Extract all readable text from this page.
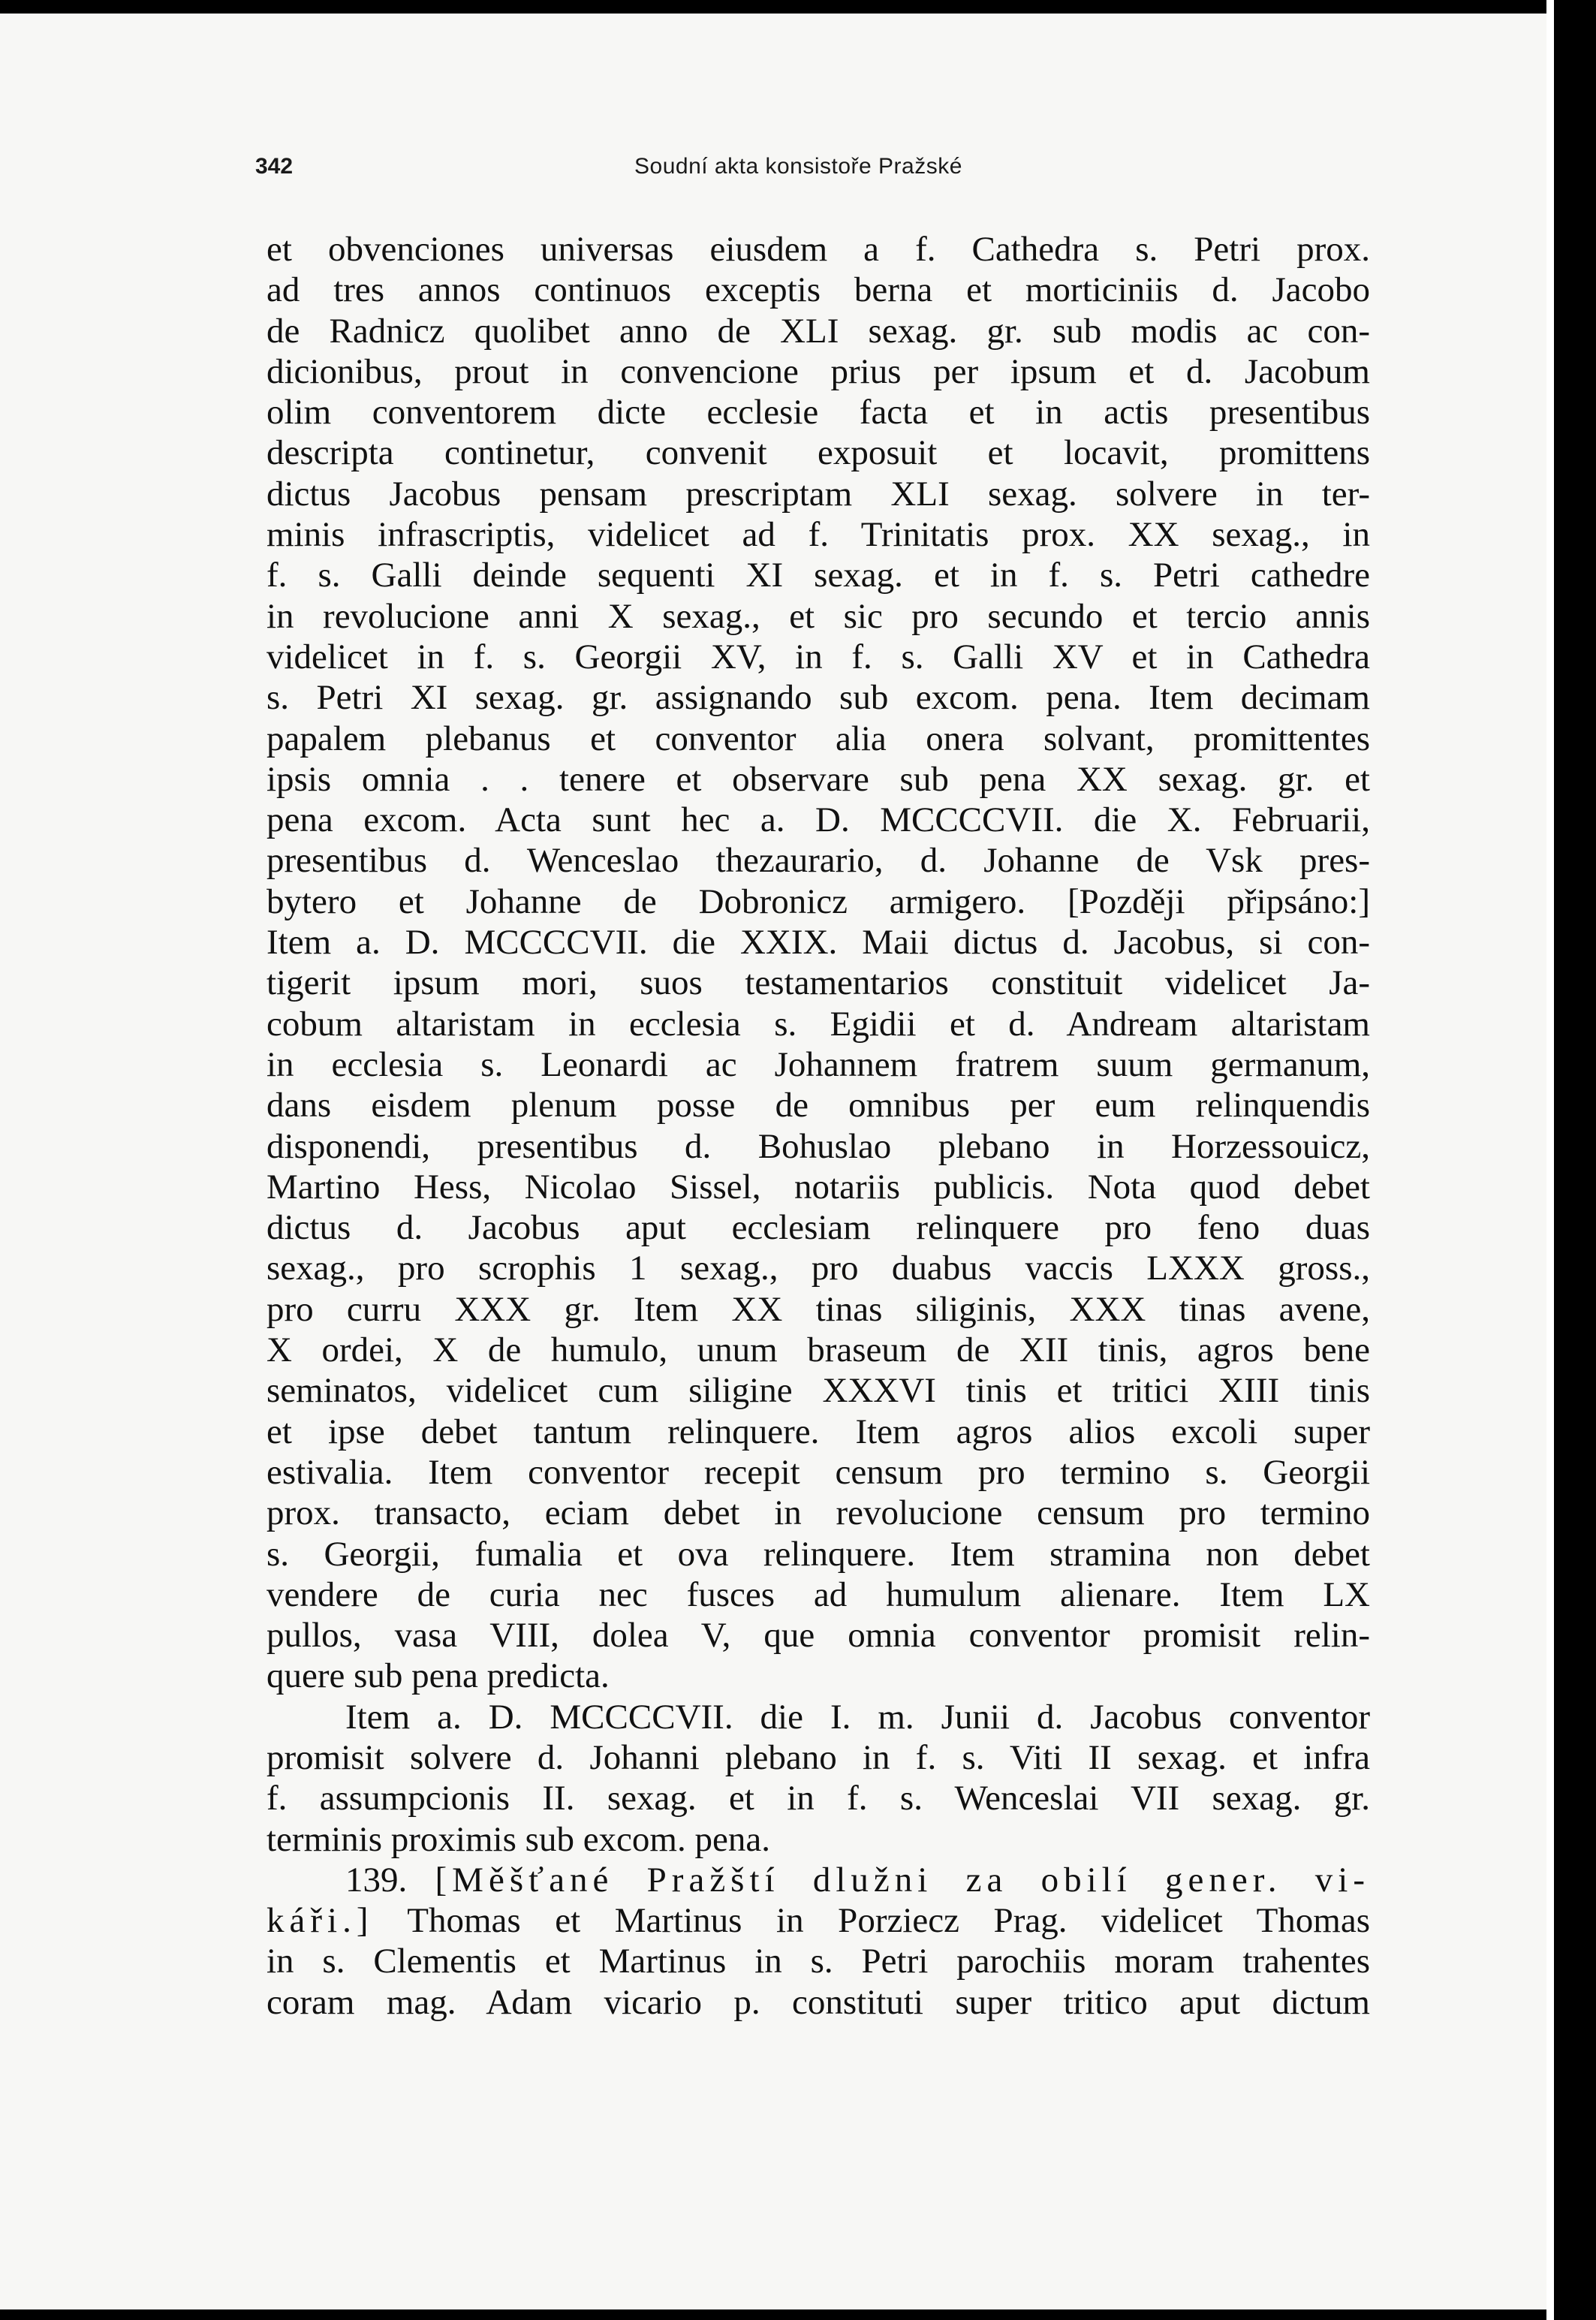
342	Soudní akta konsistoře Pražské
et obvenciones universas eiusdem a f. Cathedra s. Petri prox.
ad tres annos continuos exceptis berna et morticiniis d. Jacobo
de Radnicz quolibet anno de XLI sexag. gr. sub modis ac con-
dicionibus, prout in convencione prius per ipsum et d. Jacobum
olim conventorem dicte ecclesie facta et in actis presentibus
descripta continetur, convenit exposuit et locavit, promittens
dictus Jacobus pensam prescriptam XLI sexag. solvere in ter-
minis infrascriptis, videlicet ad f. Trinitatis prox. XX sexag., in
f. s. Galli deinde sequenti XI sexag. et in f. s. Petri cathedre
in revolucione anni X sexag., et sic pro secundo et tercio annis
videlicet in f. s. Georgii XV, in f. s. Galli XV et in Cathedra
s. Petri XI sexag. gr. assignando sub excom. pena. Item decimam
papalem plebanus et conventor alia onera solvant, promittentes
ipsis omnia . . tenere et observare sub pena XX sexag. gr. et
pena excom. Acta sunt hec a. D. MCCCCVII. die X. Februarii,
presentibus d. Wenceslao thezaurario, d. Johanne de Vsk pres-
bytero et Johanne de Dobronicz armigero. [Později připsáno:]
Item a. D. MCCCCVII. die XXIX. Maii dictus d. Jacobus, si con-
tigerit ipsum mori, suos testamentarios constituit videlicet Ja-
cobum altaristam in ecclesia s. Egidii et d. Andream altaristam
in ecclesia s. Leonardi ac Johannem fratrem suum germanum,
dans eisdem plenum posse de omnibus per eum relinquendis
disponendi, presentibus d. Bohuslao plebano in Horzessouicz,
Martino Hess, Nicolao Sissel, notariis publicis. Nota quod debet
dictus d. Jacobus aput ecclesiam relinquere pro feno duas
sexag., pro scrophis 1 sexag., pro duabus vaccis LXXX gross.,
pro curru XXX gr. Item XX tinas siliginis, XXX tinas avene,
X ordei, X de humulo, unum braseum de XII tinis, agros bene
seminatos, videlicet cum siligine XXXVI tinis et tritici XIII tinis
et ipse debet tantum relinquere. Item agros alios excoli super
estivalia. Item conventor recepit censum pro termino s. Georgii
prox. transacto, eciam debet in revolucione censum pro termino
s. Georgii, fumalia et ova relinquere. Item stramina non debet
vendere de curia nec fusces ad humulum alienare. Item LX
pullos, vasa VIII, dolea V, que omnia conventor promisit relin-
quere sub pena predicta.
Item a. D. MCCCCVII. die I. m. Junii d. Jacobus conventor
promisit solvere d. Johanni plebano in f. s. Viti II sexag. et infra
f. assumpcionis II. sexag. et in f. s. Wenceslai VII sexag. gr.
terminis proximis sub excom. pena.
139. [Měšťané Pražští dlužni za obilí gener. vi-
káři.] Thomas et Martinus in Porziecz Prag. videlicet Thomas
in s. Clementis et Martinus in s. Petri parochiis moram trahentes
coram mag. Adam vicario p. constituti super tritico aput dictum
